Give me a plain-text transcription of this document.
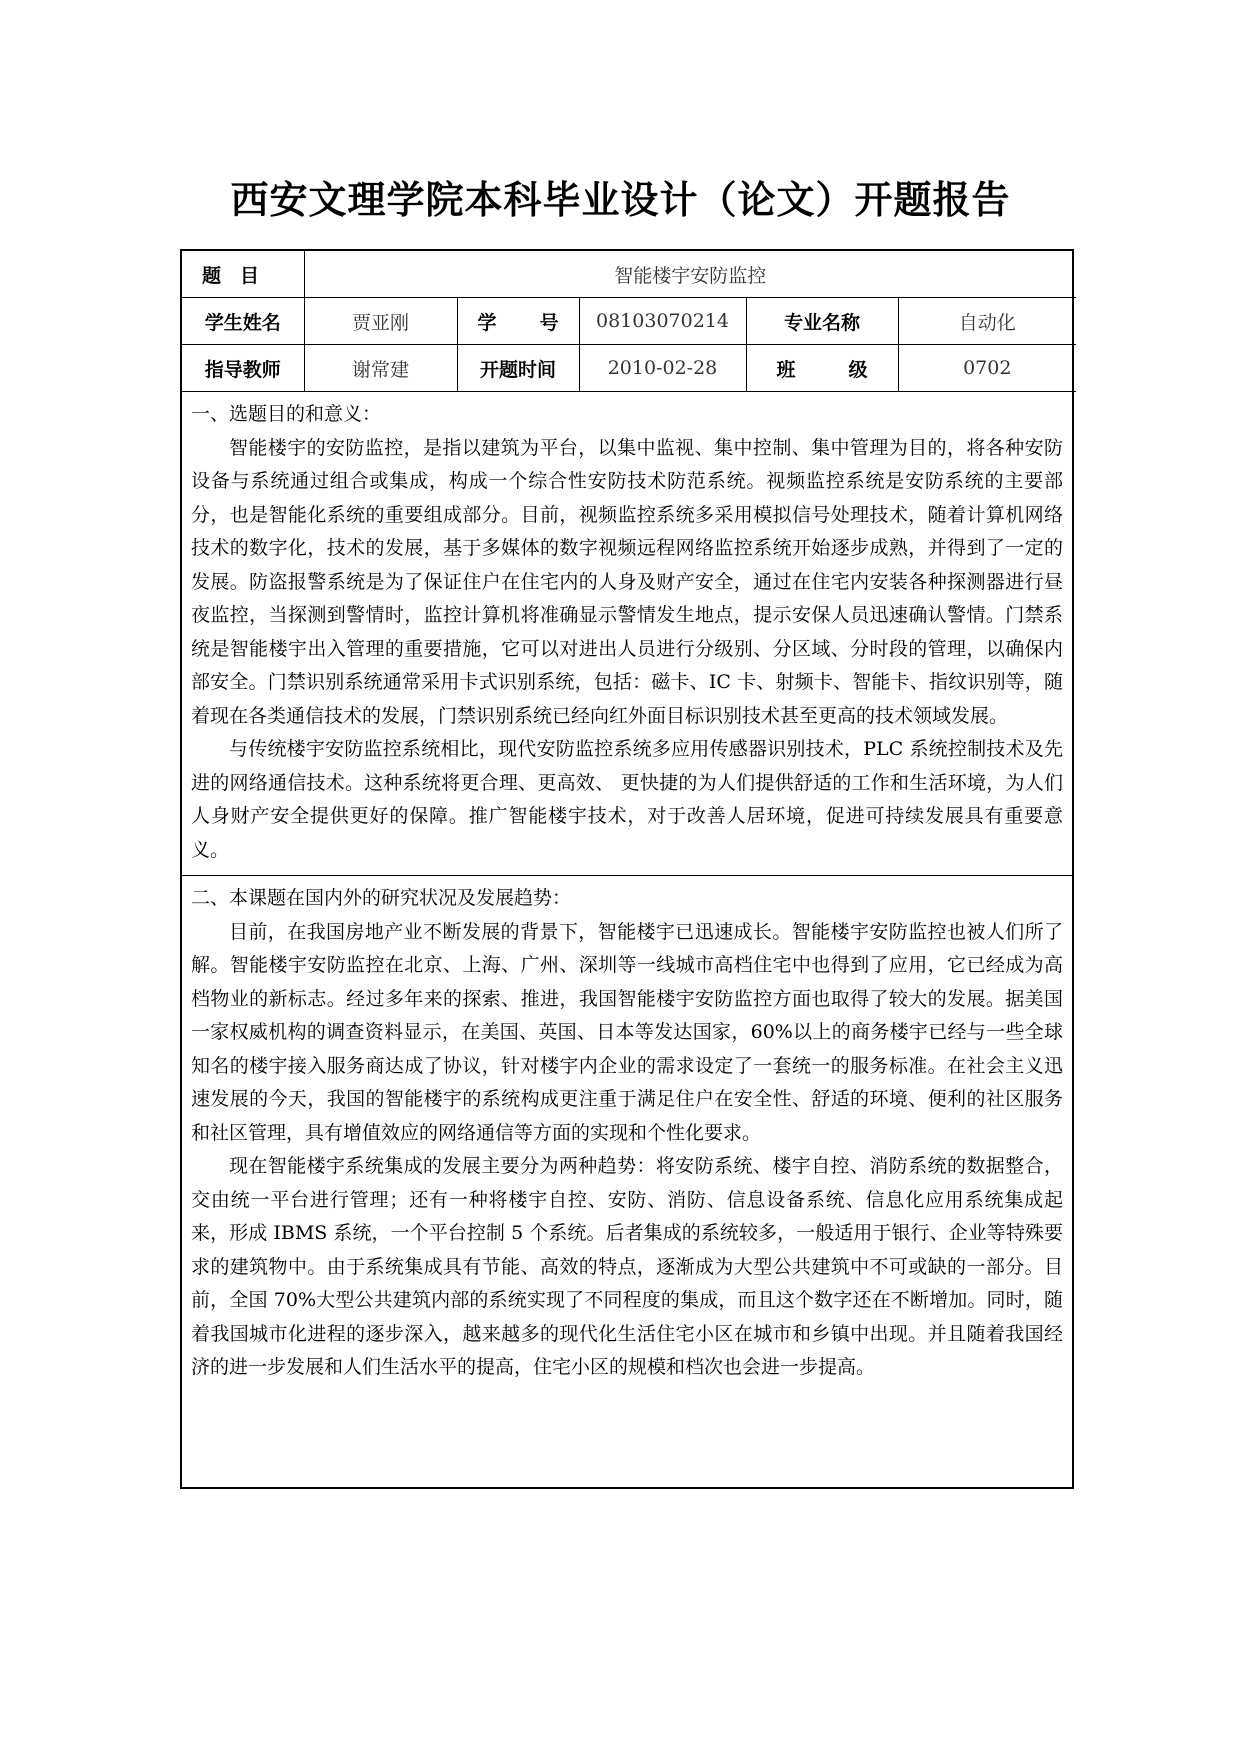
西安文理学院本科毕业设计（论文）开题报告
题　目	智能楼宇安防监控				
学生姓名	贾亚刚	学 号	08103070214	专业名称	自动化
指导教师	谢常建	开题时间	2010-02-28	班 级	0702

一、选题目的和意义：

智能楼宇的安防监控，是指以建筑为平台，以集中监视、集中控制、集中管理为目的，将各种安防设备与系统通过组合或集成，构成一个综合性安防技术防范系统。视频监控系统是安防系统的主要部分，也是智能化系统的重要组成部分。目前，视频监控系统多采用模拟信号处理技术，随着计算机网络技术的数字化，技术的发展，基于多媒体的数字视频远程网络监控系统开始逐步成熟，并得到了一定的发展。防盗报警系统是为了保证住户在住宅内的人身及财产安全，通过在住宅内安装各种探测器进行昼夜监控，当探测到警情时，监控计算机将准确显示警情发生地点，提示安保人员迅速确认警情。门禁系统是智能楼宇出入管理的重要措施，它可以对进出人员进行分级别、分区域、分时段的管理，以确保内部安全。门禁识别系统通常采用卡式识别系统，包括：磁卡、IC 卡、射频卡、智能卡、指纹识别等，随着现在各类通信技术的发展，门禁识别系统已经向红外面目标识别技术甚至更高的技术领域发展。

与传统楼宇安防监控系统相比，现代安防监控系统多应用传感器识别技术，PLC 系统控制技术及先进的网络通信技术。这种系统将更合理、更高效、 更快捷的为人们提供舒适的工作和生活环境，为人们人身财产安全提供更好的保障。推广智能楼宇技术，对于改善人居环境，促进可持续发展具有重要意义。

二、本课题在国内外的研究状况及发展趋势：

目前，在我国房地产业不断发展的背景下，智能楼宇已迅速成长。智能楼宇安防监控也被人们所了解。智能楼宇安防监控在北京、上海、广州、深圳等一线城市高档住宅中也得到了应用，它已经成为高档物业的新标志。经过多年来的探索、推进，我国智能楼宇安防监控方面也取得了较大的发展。据美国一家权威机构的调查资料显示，在美国、英国、日本等发达国家，60%以上的商务楼宇已经与一些全球知名的楼宇接入服务商达成了协议，针对楼宇内企业的需求设定了一套统一的服务标准。在社会主义迅速发展的今天，我国的智能楼宇的系统构成更注重于满足住户在安全性、舒适的环境、便利的社区服务和社区管理，具有增值效应的网络通信等方面的实现和个性化要求。

现在智能楼宇系统集成的发展主要分为两种趋势：将安防系统、楼宇自控、消防系统的数据整合，交由统一平台进行管理；还有一种将楼宇自控、安防、消防、信息设备系统、信息化应用系统集成起来，形成 IBMS 系统，一个平台控制 5 个系统。后者集成的系统较多，一般适用于银行、企业等特殊要求的建筑物中。由于系统集成具有节能、高效的特点，逐渐成为大型公共建筑中不可或缺的一部分。目前，全国 70%大型公共建筑内部的系统实现了不同程度的集成，而且这个数字还在不断增加。同时，随着我国城市化进程的逐步深入，越来越多的现代化生活住宅小区在城市和乡镇中出现。并且随着我国经济的进一步发展和人们生活水平的提高，住宅小区的规模和档次也会进一步提高。
